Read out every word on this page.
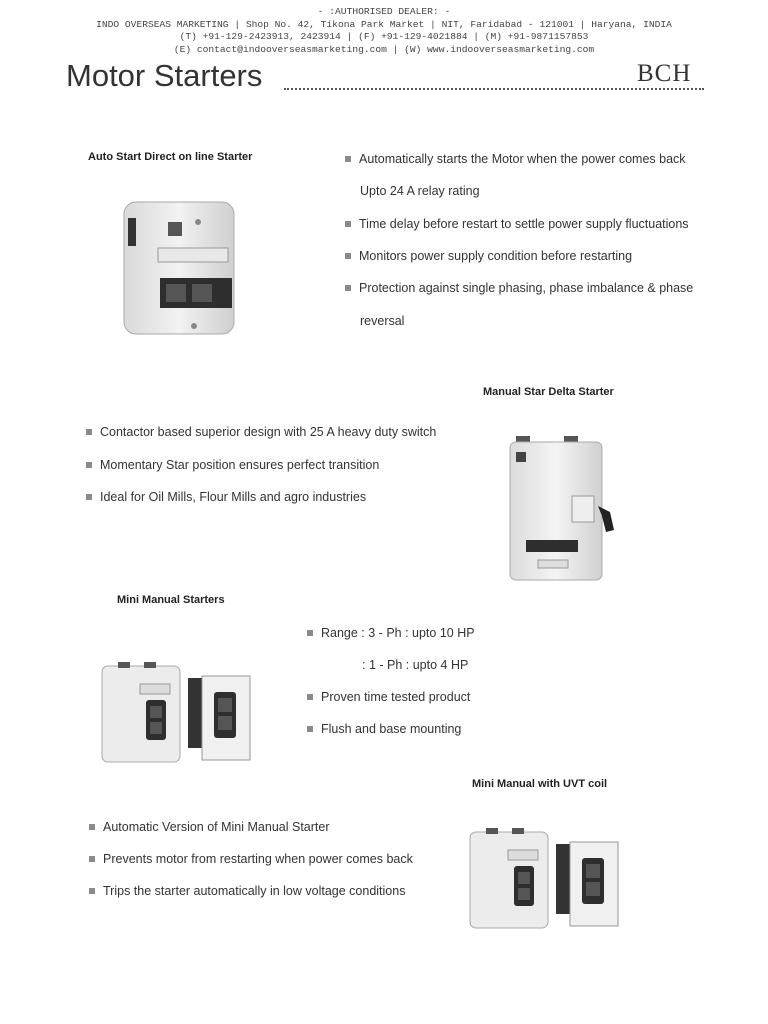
- :AUTHORISED DEALER: -
INDO OVERSEAS MARKETING | Shop No. 42, Tikona Park Market | NIT, Faridabad - 121001 | Haryana, INDIA
(T) +91-129-2423913, 2423914 | (F) +91-129-4021884 | (M) +91-9871157853
(E) contact@indooverseasmarketing.com | (W) www.indooverseasmarketing.com
Motor Starters	BCH
Auto Start Direct on line Starter	Automatically starts the Motor when the power comes back
Upto 24 A relay rating
Time delay before restart to settle power supply fluctuations
Monitors power supply condition before restarting
Protection against single phasing, phase imbalance & phase
reversal
Manual Star Delta Starter
Contactor based superior design with 25 A heavy duty switch
Momentary Star position ensures perfect transition
Ideal for Oil Mills, Flour Mills and agro industries
Mini Manual Starters
Range : 3 - Ph : upto 10 HP
: 1 - Ph : upto 4 HP
Proven time tested product
Flush and base mounting
Mini Manual with UVT coil
Automatic Version of Mini Manual Starter
Prevents motor from restarting when power comes back
Trips the starter automatically in low voltage conditions
